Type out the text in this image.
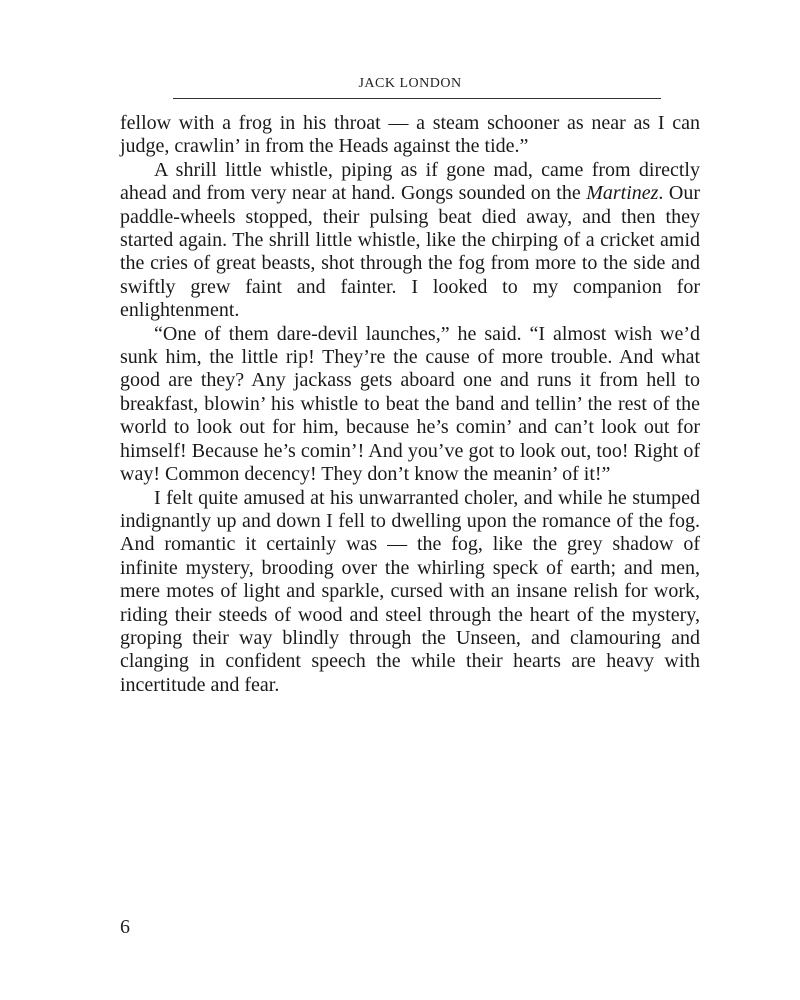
JACK LONDON

fellow with a frog in his throat — a steam schooner as near as I can judge, crawlin’ in from the Heads against the tide.”

A shrill little whistle, piping as if gone mad, came from directly ahead and from very near at hand. Gongs sounded on the Martinez. Our paddle-wheels stopped, their pulsing beat died away, and then they started again. The shrill little whistle, like the chirping of a cricket amid the cries of great beasts, shot through the fog from more to the side and swiftly grew faint and fainter. I looked to my companion for enlightenment.

“One of them dare-devil launches,” he said. “I almost wish we’d sunk him, the little rip! They’re the cause of more trouble. And what good are they? Any jackass gets aboard one and runs it from hell to breakfast, blowin’ his whistle to beat the band and tellin’ the rest of the world to look out for him, because he’s comin’ and can’t look out for himself! Because he’s comin’! And you’ve got to look out, too! Right of way! Common decency! They don’t know the meanin’ of it!”

I felt quite amused at his unwarranted choler, and while he stumped indignantly up and down I fell to dwelling upon the romance of the fog. And romantic it certainly was — the fog, like the grey shadow of infinite mystery, brooding over the whirling speck of earth; and men, mere motes of light and sparkle, cursed with an insane relish for work, riding their steeds of wood and steel through the heart of the mystery, groping their way blindly through the Unseen, and clamouring and clanging in confident speech the while their hearts are heavy with incertitude and fear.

6
